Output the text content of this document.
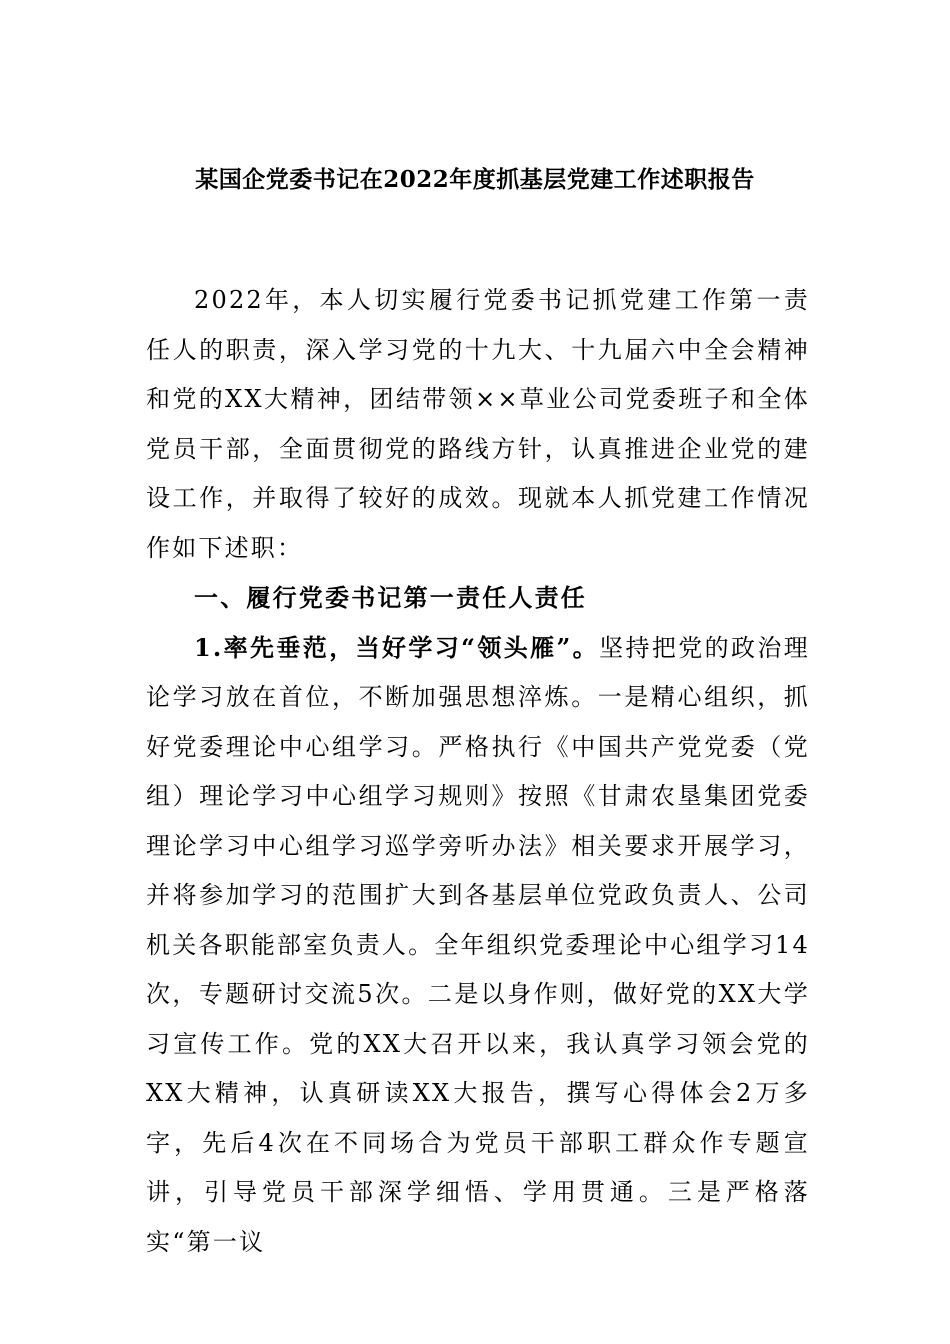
某国企党委书记在2022年度抓基层党建工作述职报告

2022年，本人切实履行党委书记抓党建工作第一责任人的职责，深入学习党的十九大、十九届六中全会精神和党的XX大精神，团结带领××草业公司党委班子和全体党员干部，全面贯彻党的路线方针，认真推进企业党的建设工作，并取得了较好的成效。现就本人抓党建工作情况作如下述职：

一、履行党委书记第一责任人责任

1.率先垂范，当好学习“领头雁”。坚持把党的政治理论学习放在首位，不断加强思想淬炼。一是精心组织，抓好党委理论中心组学习。严格执行《中国共产党党委（党组）理论学习中心组学习规则》按照《甘肃农垦集团党委理论学习中心组学习巡学旁听办法》相关要求开展学习，并将参加学习的范围扩大到各基层单位党政负责人、公司机关各职能部室负责人。全年组织党委理论中心组学习14次，专题研讨交流5次。二是以身作则，做好党的XX大学习宣传工作。党的XX大召开以来，我认真学习领会党的XX大精神，认真研读XX大报告，撰写心得体会2万多字，先后4次在不同场合为党员干部职工群众作专题宣讲，引导党员干部深学细悟、学用贯通。三是严格落实“第一议
